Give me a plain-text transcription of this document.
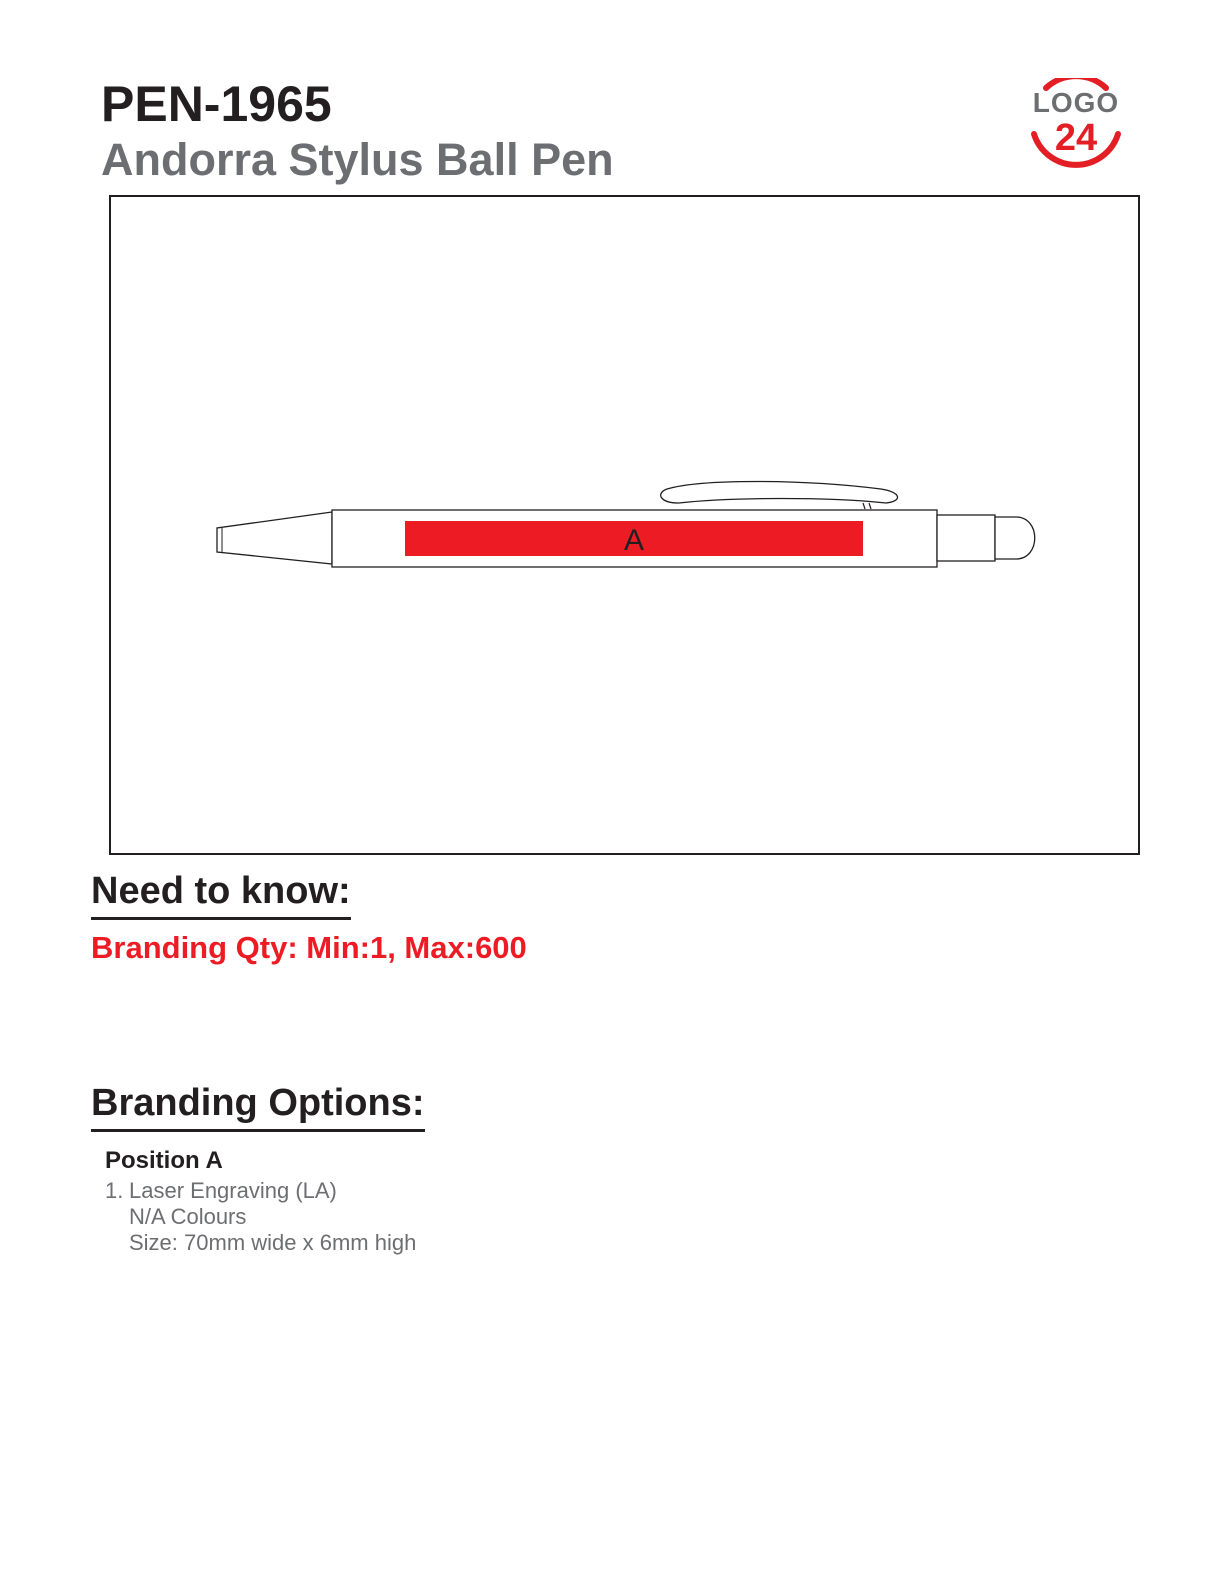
PEN-1965
Andorra Stylus Ball Pen
LOGO
24
A
Need to know:

Branding Qty: Min:1, Max:600

Branding Options:

Position A

1. Laser Engraving (LA)
N/A Colours
Size: 70mm wide x 6mm high
